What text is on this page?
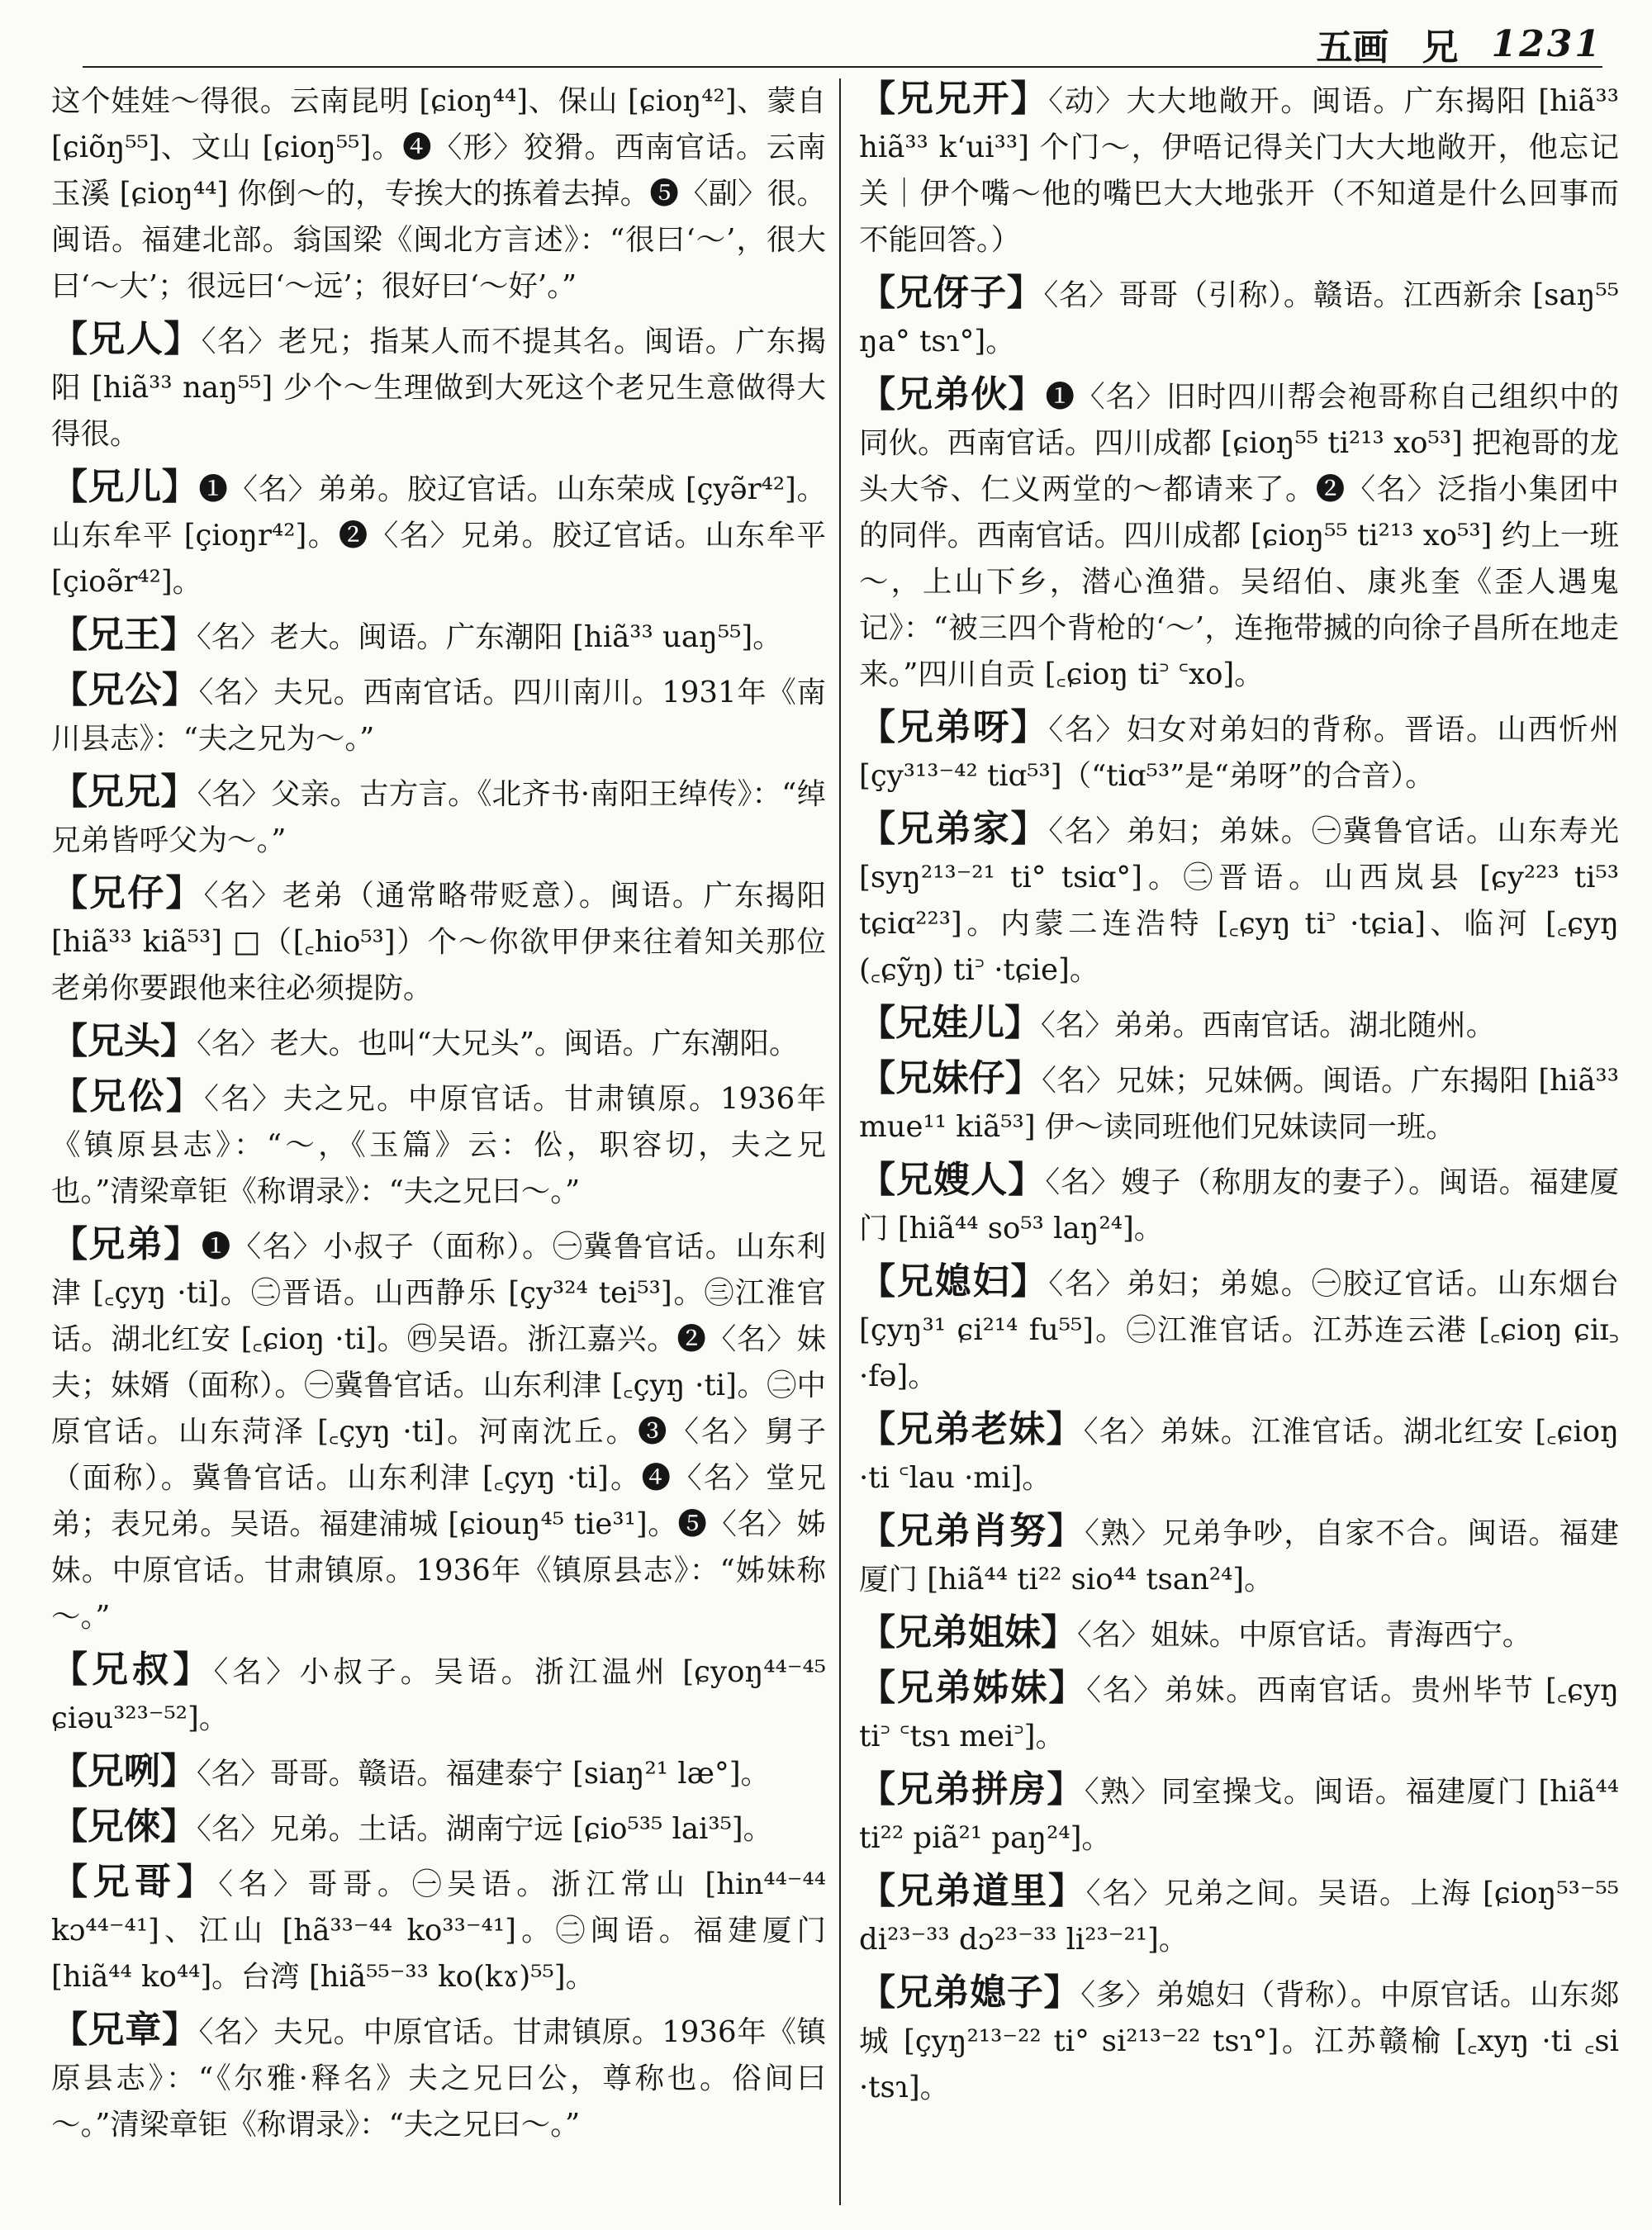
五画 兄 1231
这个娃娃～得很。云南昆明 [ɕioŋ⁴⁴]、保山 [ɕioŋ⁴²]、蒙自 [ɕiõŋ⁵⁵]、文山 [ɕioŋ⁵⁵]。❹〈形〉狡猾。西南官话。云南玉溪 [ɕioŋ⁴⁴] 你倒～的，专挨大的拣着去掉。❺〈副〉很。闽语。福建北部。翁国梁《闽北方言述》：“很曰‘～’，很大曰‘～大’；很远曰‘～远’；很好曰‘～好’。”
【兄人】〈名〉老兄；指某人而不提其名。闽语。广东揭阳 [hiã³³ naŋ⁵⁵] 少个～生理做到大死这个老兄生意做得大得很。
【兄儿】❶〈名〉弟弟。胶辽官话。山东荣成 [çyə̃r⁴²]。山东牟平 [çioŋr⁴²]。❷〈名〉兄弟。胶辽官话。山东牟平 [çioə̃r⁴²]。
【兄王】〈名〉老大。闽语。广东潮阳 [hiã³³ uaŋ⁵⁵]。
【兄公】〈名〉夫兄。西南官话。四川南川。1931年《南川县志》：“夫之兄为～。”
【兄兄】〈名〉父亲。古方言。《北齐书·南阳王绰传》：“绰兄弟皆呼父为～。”
【兄仔】〈名〉老弟（通常略带贬意）。闽语。广东揭阳 [hiã³³ kiã⁵³] □（[꜀hio⁵³]）个～你欲甲伊来往着知关那位老弟你要跟他来往必须提防。
【兄头】〈名〉老大。也叫“大兄头”。闽语。广东潮阳。
【兄伀】〈名〉夫之兄。中原官话。甘肃镇原。1936年《镇原县志》：“～，《玉篇》云：伀，职容切，夫之兄也。”清梁章钜《称谓录》：“夫之兄曰～。”
【兄弟】❶〈名〉小叔子（面称）。㊀冀鲁官话。山东利津 [꜀çyŋ ·ti]。㊁晋语。山西静乐 [çy³²⁴ tei⁵³]。㊂江淮官话。湖北红安 [꜀ɕioŋ ·ti]。㊃吴语。浙江嘉兴。❷〈名〉妹夫；妹婿（面称）。㊀冀鲁官话。山东利津 [꜀çyŋ ·ti]。㊁中原官话。山东菏泽 [꜀çyŋ ·ti]。河南沈丘。❸〈名〉舅子（面称）。冀鲁官话。山东利津 [꜀çyŋ ·ti]。❹〈名〉堂兄弟；表兄弟。吴语。福建浦城 [ɕiouŋ⁴⁵ tie³¹]。❺〈名〉姊妹。中原官话。甘肃镇原。1936年《镇原县志》：“姊妹称～。”
【兄叔】〈名〉小叔子。吴语。浙江温州 [ɕyoŋ⁴⁴⁻⁴⁵ ɕiəu³²³⁻⁵²]。
【兄咧】〈名〉哥哥。赣语。福建泰宁 [siaŋ²¹ læ°]。
【兄倈】〈名〉兄弟。土话。湖南宁远 [ɕio⁵³⁵ lai³⁵]。
【兄哥】〈名〉哥哥。㊀吴语。浙江常山 [hin⁴⁴⁻⁴⁴ kɔ⁴⁴⁻⁴¹]、江山 [hã³³⁻⁴⁴ ko³³⁻⁴¹]。㊁闽语。福建厦门 [hiã⁴⁴ ko⁴⁴]。台湾 [hiã⁵⁵⁻³³ ko(kɤ)⁵⁵]。
【兄章】〈名〉夫兄。中原官话。甘肃镇原。1936年《镇原县志》：“《尔雅·释名》夫之兄曰公，尊称也。俗间曰～。”清梁章钜《称谓录》：“夫之兄曰～。”
【兄兄开】〈动〉大大地敞开。闽语。广东揭阳 [hiã³³ hiã³³ k‘ui³³] 个门～，伊唔记得关门大大地敞开，他忘记关｜伊个嘴～他的嘴巴大大地张开（不知道是什么回事而不能回答。）
【兄伢子】〈名〉哥哥（引称）。赣语。江西新余 [saŋ⁵⁵ ŋa° tsɿ°]。
【兄弟伙】❶〈名〉旧时四川帮会袍哥称自己组织中的同伙。西南官话。四川成都 [ɕioŋ⁵⁵ ti²¹³ xo⁵³] 把袍哥的龙头大爷、仁义两堂的～都请来了。❷〈名〉泛指小集团中的同伴。西南官话。四川成都 [ɕioŋ⁵⁵ ti²¹³ xo⁵³] 约上一班～，上山下乡，潜心渔猎。吴绍伯、康兆奎《歪人遇鬼记》：“被三四个背枪的‘～’，连拖带搣的向徐子昌所在地走来。”四川自贡 [꜀ɕioŋ ti꜄ ꜂xo]。
【兄弟呀】〈名〉妇女对弟妇的背称。晋语。山西忻州 [çy³¹³⁻⁴² tiɑ⁵³]（“tiɑ⁵³”是“弟呀”的合音）。
【兄弟家】〈名〉弟妇；弟妹。㊀冀鲁官话。山东寿光 [syŋ²¹³⁻²¹ ti° tsiɑ°]。㊁晋语。山西岚县 [ɕy²²³ ti⁵³ tɕiɑ²²³]。内蒙二连浩特 [꜀ɕyŋ ti꜄ ·tɕia]、临河 [꜀ɕyŋ (꜀ɕỹŋ) ti꜄ ·tɕie]。
【兄娃儿】〈名〉弟弟。西南官话。湖北随州。
【兄妹仔】〈名〉兄妹；兄妹俩。闽语。广东揭阳 [hiã³³ mue¹¹ kiã⁵³] 伊～读同班他们兄妹读同一班。
【兄嫂人】〈名〉嫂子（称朋友的妻子）。闽语。福建厦门 [hiã⁴⁴ so⁵³ laŋ²⁴]。
【兄媳妇】〈名〉弟妇；弟媳。㊀胶辽官话。山东烟台 [çyŋ³¹ ɕi²¹⁴ fu⁵⁵]。㊁江淮官话。江苏连云港 [꜀ɕioŋ ɕiɪ꜆ ·fə]。
【兄弟老妹】〈名〉弟妹。江淮官话。湖北红安 [꜀ɕioŋ ·ti ꜂lau ·mi]。
【兄弟肖努】〈熟〉兄弟争吵，自家不合。闽语。福建厦门 [hiã⁴⁴ ti²² sio⁴⁴ tsan²⁴]。
【兄弟姐妹】〈名〉姐妹。中原官话。青海西宁。
【兄弟姊妹】〈名〉弟妹。西南官话。贵州毕节 [꜀ɕyŋ ti꜄ ꜂tsɿ mei꜄]。
【兄弟拼房】〈熟〉同室操戈。闽语。福建厦门 [hiã⁴⁴ ti²² piã²¹ paŋ²⁴]。
【兄弟道里】〈名〉兄弟之间。吴语。上海 [ɕioŋ⁵³⁻⁵⁵ di²³⁻³³ dɔ²³⁻³³ li²³⁻²¹]。
【兄弟媳子】〈多〉弟媳妇（背称）。中原官话。山东郯城 [çyŋ²¹³⁻²² ti° si²¹³⁻²² tsɿ°]。江苏赣榆 [꜀xyŋ ·ti ꜀si ·tsɿ]。
